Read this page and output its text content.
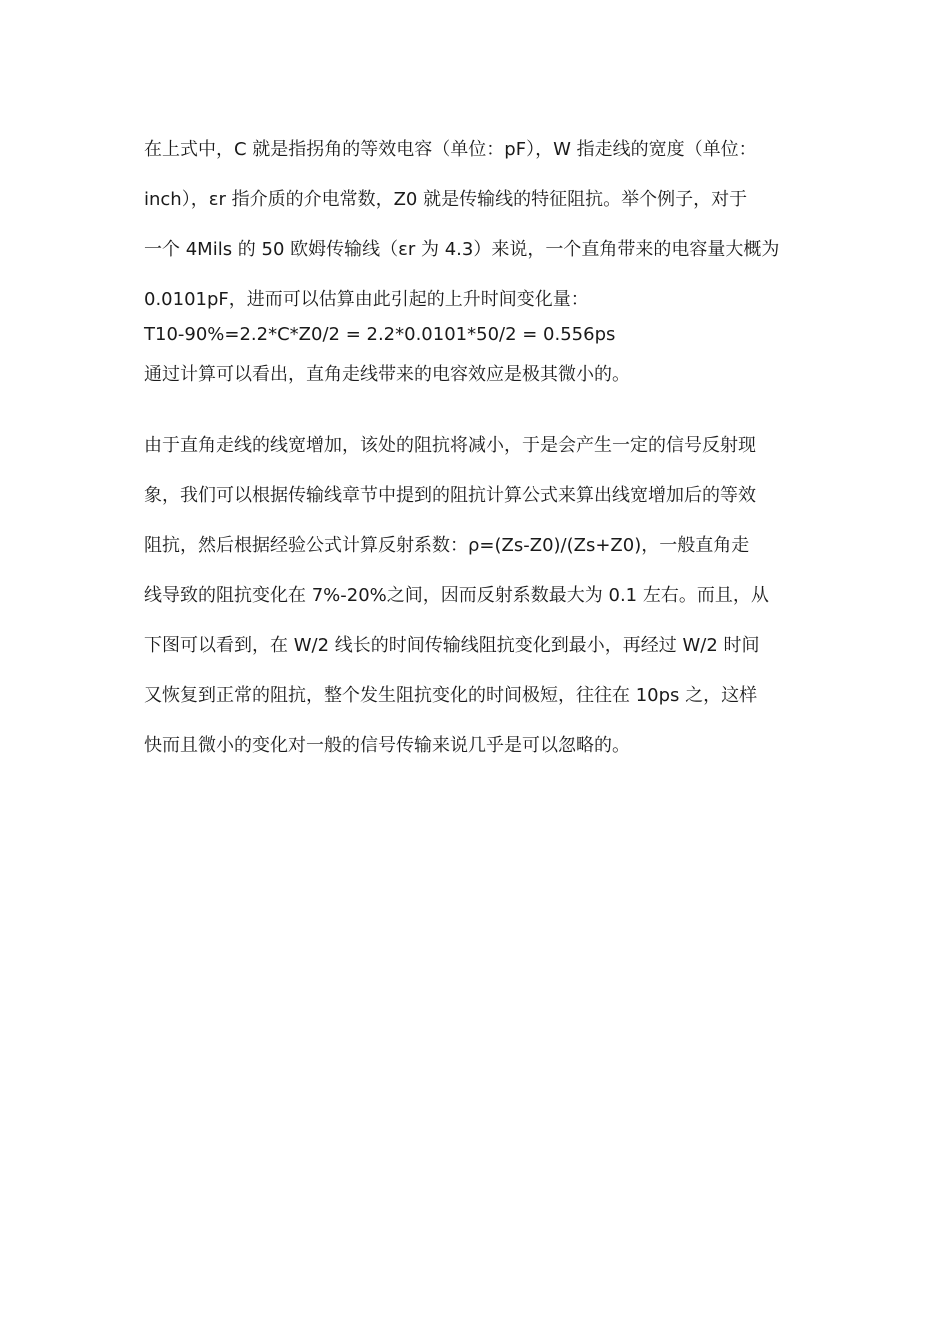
在上式中，C 就是指拐角的等效电容（单位：pF），W 指走线的宽度（单位：
inch），εr 指介质的介电常数，Z0 就是传输线的特征阻抗。举个例子，对于
一个 4Mils 的 50 欧姆传输线（εr 为 4.3）来说，一个直角带来的电容量大概为
0.0101pF，进而可以估算由此引起的上升时间变化量：
T10-90%=2.2*C*Z0/2 = 2.2*0.0101*50/2 = 0.556ps
通过计算可以看出，直角走线带来的电容效应是极其微小的。
由于直角走线的线宽增加，该处的阻抗将减小，于是会产生一定的信号反射现
象，我们可以根据传输线章节中提到的阻抗计算公式来算出线宽增加后的等效
阻抗，然后根据经验公式计算反射系数：ρ=(Zs-Z0)/(Zs+Z0)，一般直角走
线导致的阻抗变化在 7%-20%之间，因而反射系数最大为 0.1 左右。而且，从
下图可以看到，在 W/2 线长的时间传输线阻抗变化到最小，再经过 W/2 时间
又恢复到正常的阻抗，整个发生阻抗变化的时间极短，往往在 10ps 之，这样
快而且微小的变化对一般的信号传输来说几乎是可以忽略的。
